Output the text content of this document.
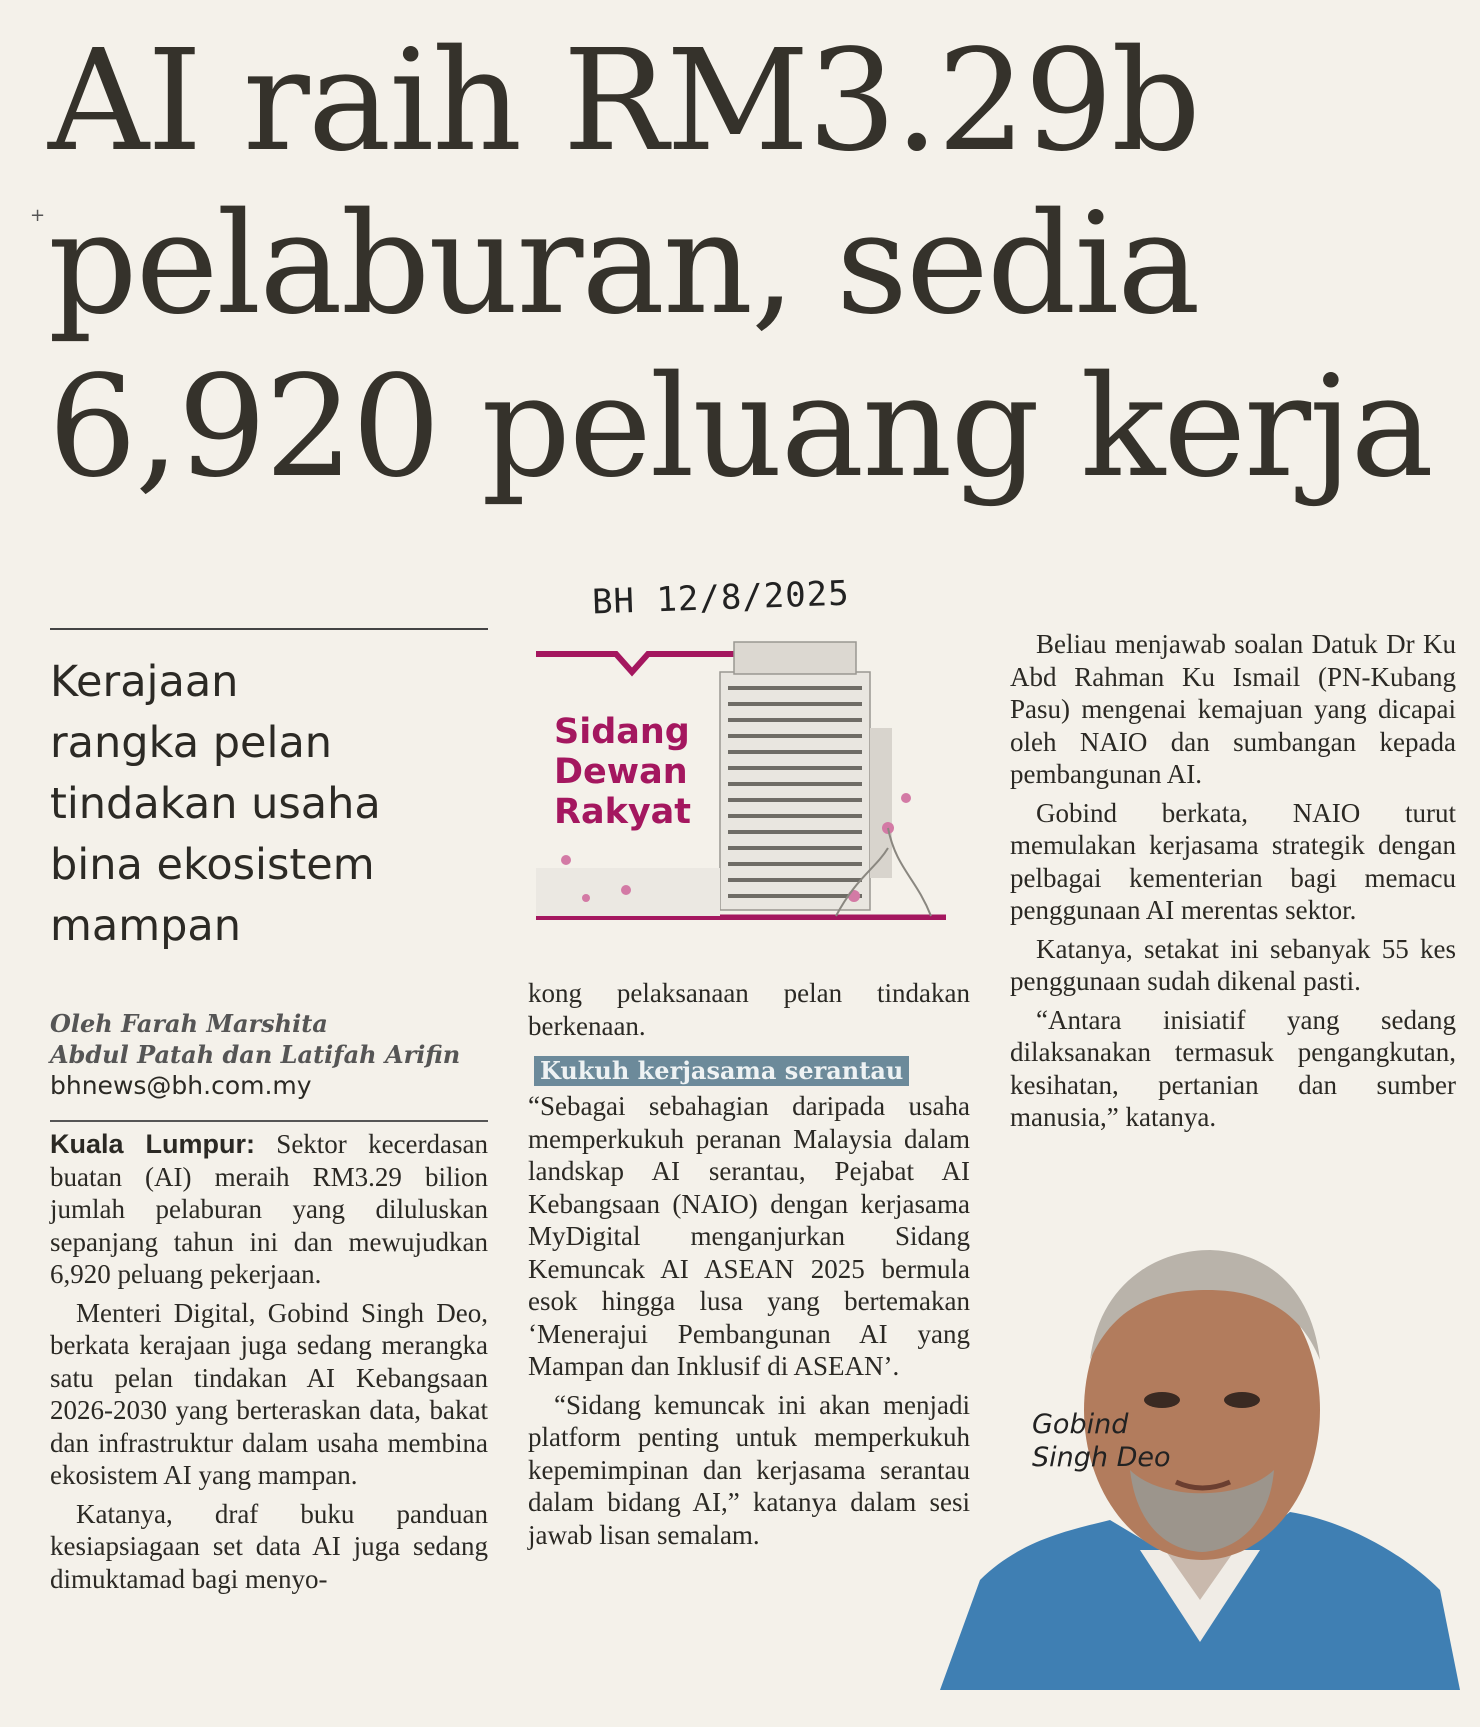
AI raih RM3.29b
pelaburan, sedia
6,920 peluang kerja
+
BH 12/8/2025
Kerajaan
rangka pelan
tindakan usaha
bina ekosistem
mampan
Oleh Farah Marshita
Abdul Patah dan Latifah Arifin
bhnews@bh.com.my

Kuala Lumpur: Sektor kecerdasan buatan (AI) meraih RM3.29 bilion jumlah pelaburan yang diluluskan sepanjang tahun ini dan mewujudkan 6,920 peluang pekerjaan.

Menteri Digital, Gobind Singh Deo, berkata kerajaan juga sedang merangka satu pelan tindakan AI Kebangsaan 2026-2030 yang berteraskan data, bakat dan infrastruktur dalam usaha membina ekosistem AI yang mampan.

Katanya, draf buku panduan kesiapsiagaan set data AI juga sedang dimuktamad bagi menyo-

Sidang
Dewan
Rakyat

kong pelaksanaan pelan tindakan berkenaan.

Kukuh kerjasama serantau

“Sebagai sebahagian daripada usaha memperkukuh peranan Malaysia dalam landskap AI serantau, Pejabat AI Kebangsaan (NAIO) dengan kerjasama MyDigital menganjurkan Sidang Kemuncak AI ASEAN 2025 bermula esok hingga lusa yang bertemakan ‘Menerajui Pembangunan AI yang Mampan dan Inklusif di ASEAN’.

“Sidang kemuncak ini akan menjadi platform penting untuk memperkukuh kepemimpinan dan kerjasama serantau dalam bidang AI,” katanya dalam sesi jawab lisan semalam.

Beliau menjawab soalan Datuk Dr Ku Abd Rahman Ku Ismail (PN-Kubang Pasu) mengenai kemajuan yang dicapai oleh NAIO dan sumbangan kepada pembangunan AI.

Gobind berkata, NAIO turut memulakan kerjasama strategik dengan pelbagai kementerian bagi memacu penggunaan AI merentas sektor.

Katanya, setakat ini sebanyak 55 kes penggunaan sudah dikenal pasti.

“Antara inisiatif yang sedang dilaksanakan termasuk pengangkutan, kesihatan, pertanian dan sumber manusia,” katanya.

Gobind
Singh Deo
